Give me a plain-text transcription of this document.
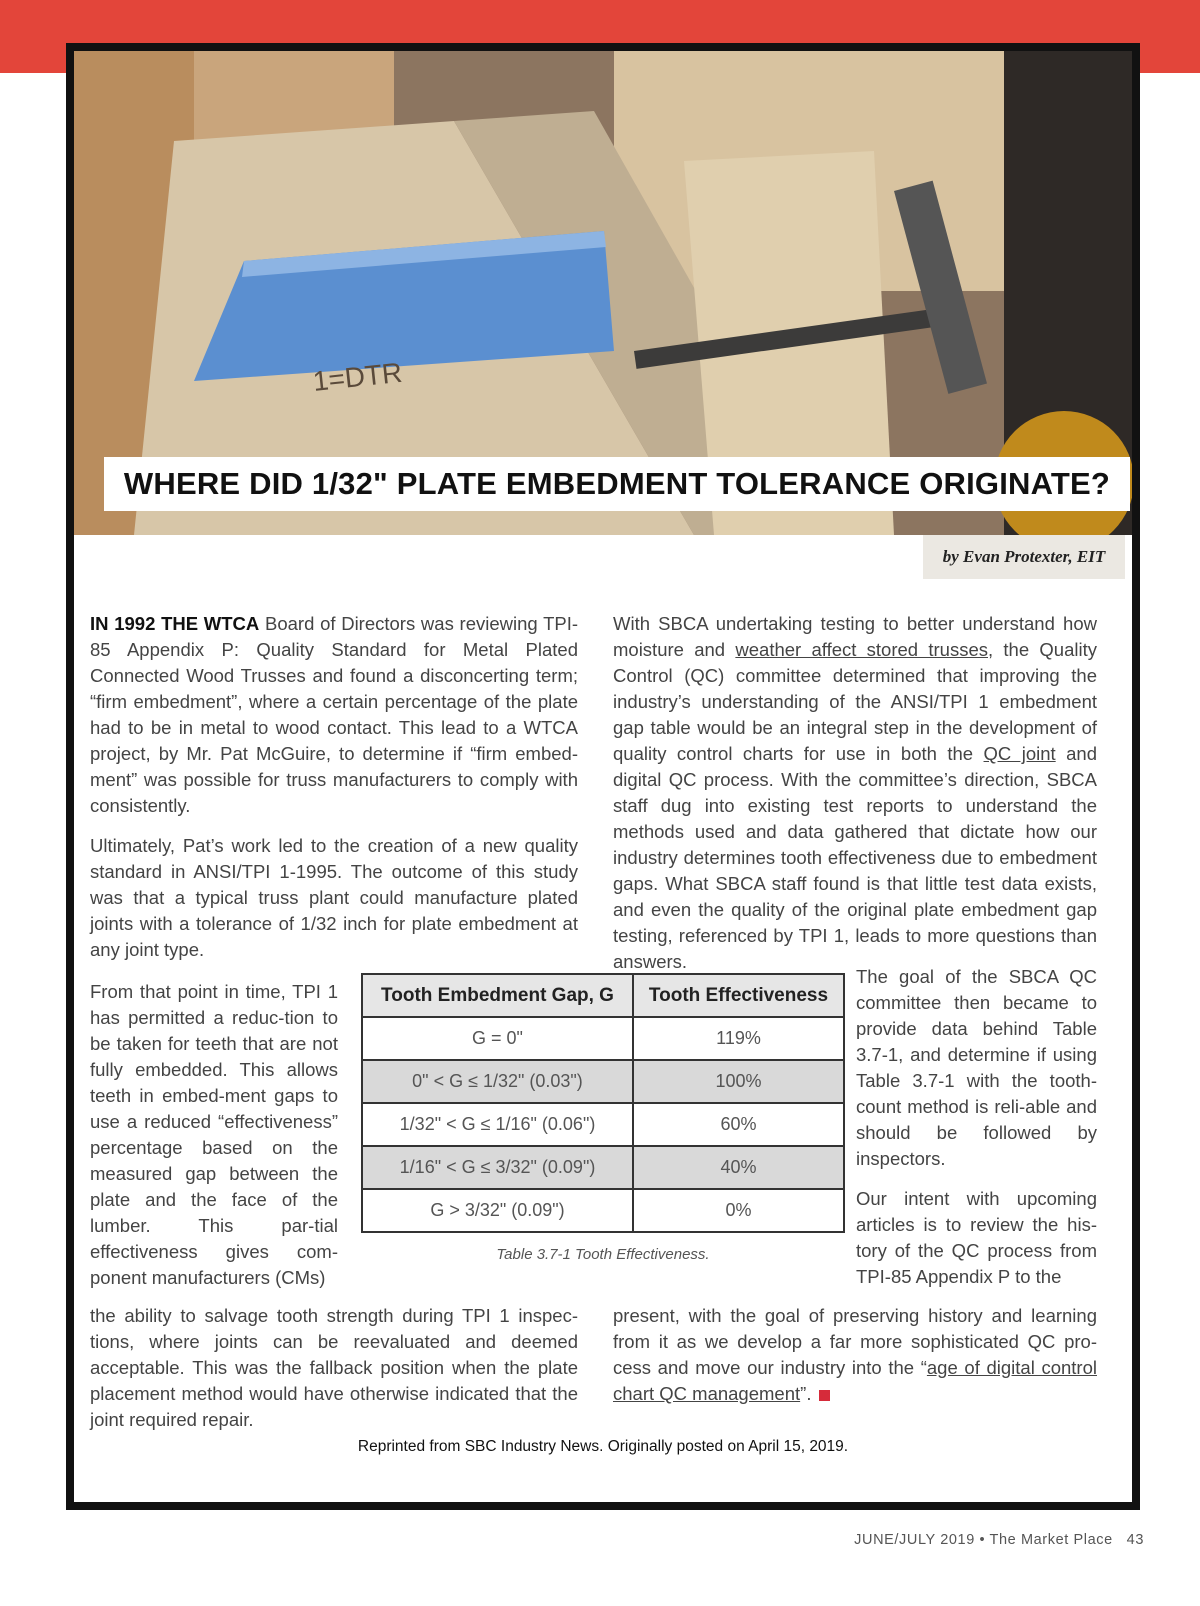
1=DTR
WHERE DID 1/32" PLATE EMBEDMENT TOLERANCE ORIGINATE?
by Evan Protexter, EIT

IN 1992 THE WTCA Board of Directors was reviewing TPI-85 Appendix P: Quality Standard for Metal Plated Connected Wood Trusses and found a disconcerting term; “firm embedment”, where a certain percentage of the plate had to be in metal to wood contact. This lead to a WTCA project, by Mr. Pat McGuire, to determine if “firm embed-ment” was possible for truss manufacturers to comply with consistently.

Ultimately, Pat’s work led to the creation of a new quality standard in ANSI/TPI 1-1995. The outcome of this study was that a typical truss plant could manufacture plated joints with a tolerance of 1/32 inch for plate embedment at any joint type.

From that point in time, TPI 1 has permitted a reduc-tion to be taken for teeth that are not fully embedded. This allows teeth in embed-ment gaps to use a reduced “effectiveness” percentage based on the measured gap between the plate and the face of the lumber. This par-tial effectiveness gives com-ponent manufacturers (CMs)
the ability to salvage tooth strength during TPI 1 inspec-tions, where joints can be reevaluated and deemed acceptable. This was the fallback position when the plate placement method would have otherwise indicated that the joint required repair.

With SBCA undertaking testing to better understand how moisture and weather affect stored trusses, the Quality Control (QC) committee determined that improving the industry’s understanding of the ANSI/TPI 1 embedment gap table would be an integral step in the development of quality control charts for use in both the QC joint and digital QC process. With the committee’s direction, SBCA staff dug into existing test reports to understand the methods used and data gathered that dictate how our industry determines tooth effectiveness due to embedment gaps. What SBCA staff found is that little test data exists, and even the quality of the original plate embedment gap testing, referenced by TPI 1, leads to more questions than answers.

The goal of the SBCA QC committee then became to provide data behind Table 3.7-1, and determine if using Table 3.7-1 with the tooth-count method is reli-able and should be followed by inspectors.

Our intent with upcoming articles is to review the his-tory of the QC process from TPI-85 Appendix P to the

present, with the goal of preserving history and learning from it as we develop a far more sophisticated QC pro-cess and move our industry into the “age of digital control chart QC management”.

Tooth Embedment Gap, G	Tooth Effectiveness
G = 0"	119%
0" < G ≤ 1/32" (0.03")	100%
1/32" < G ≤ 1/16" (0.06")	60%
1/16" < G ≤ 3/32" (0.09")	40%
G > 3/32" (0.09")	0%
Table 3.7-1 Tooth Effectiveness.
Reprinted from SBC Industry News. Originally posted on April 15, 2019.
JUNE/JULY 2019 • The Market Place 43
